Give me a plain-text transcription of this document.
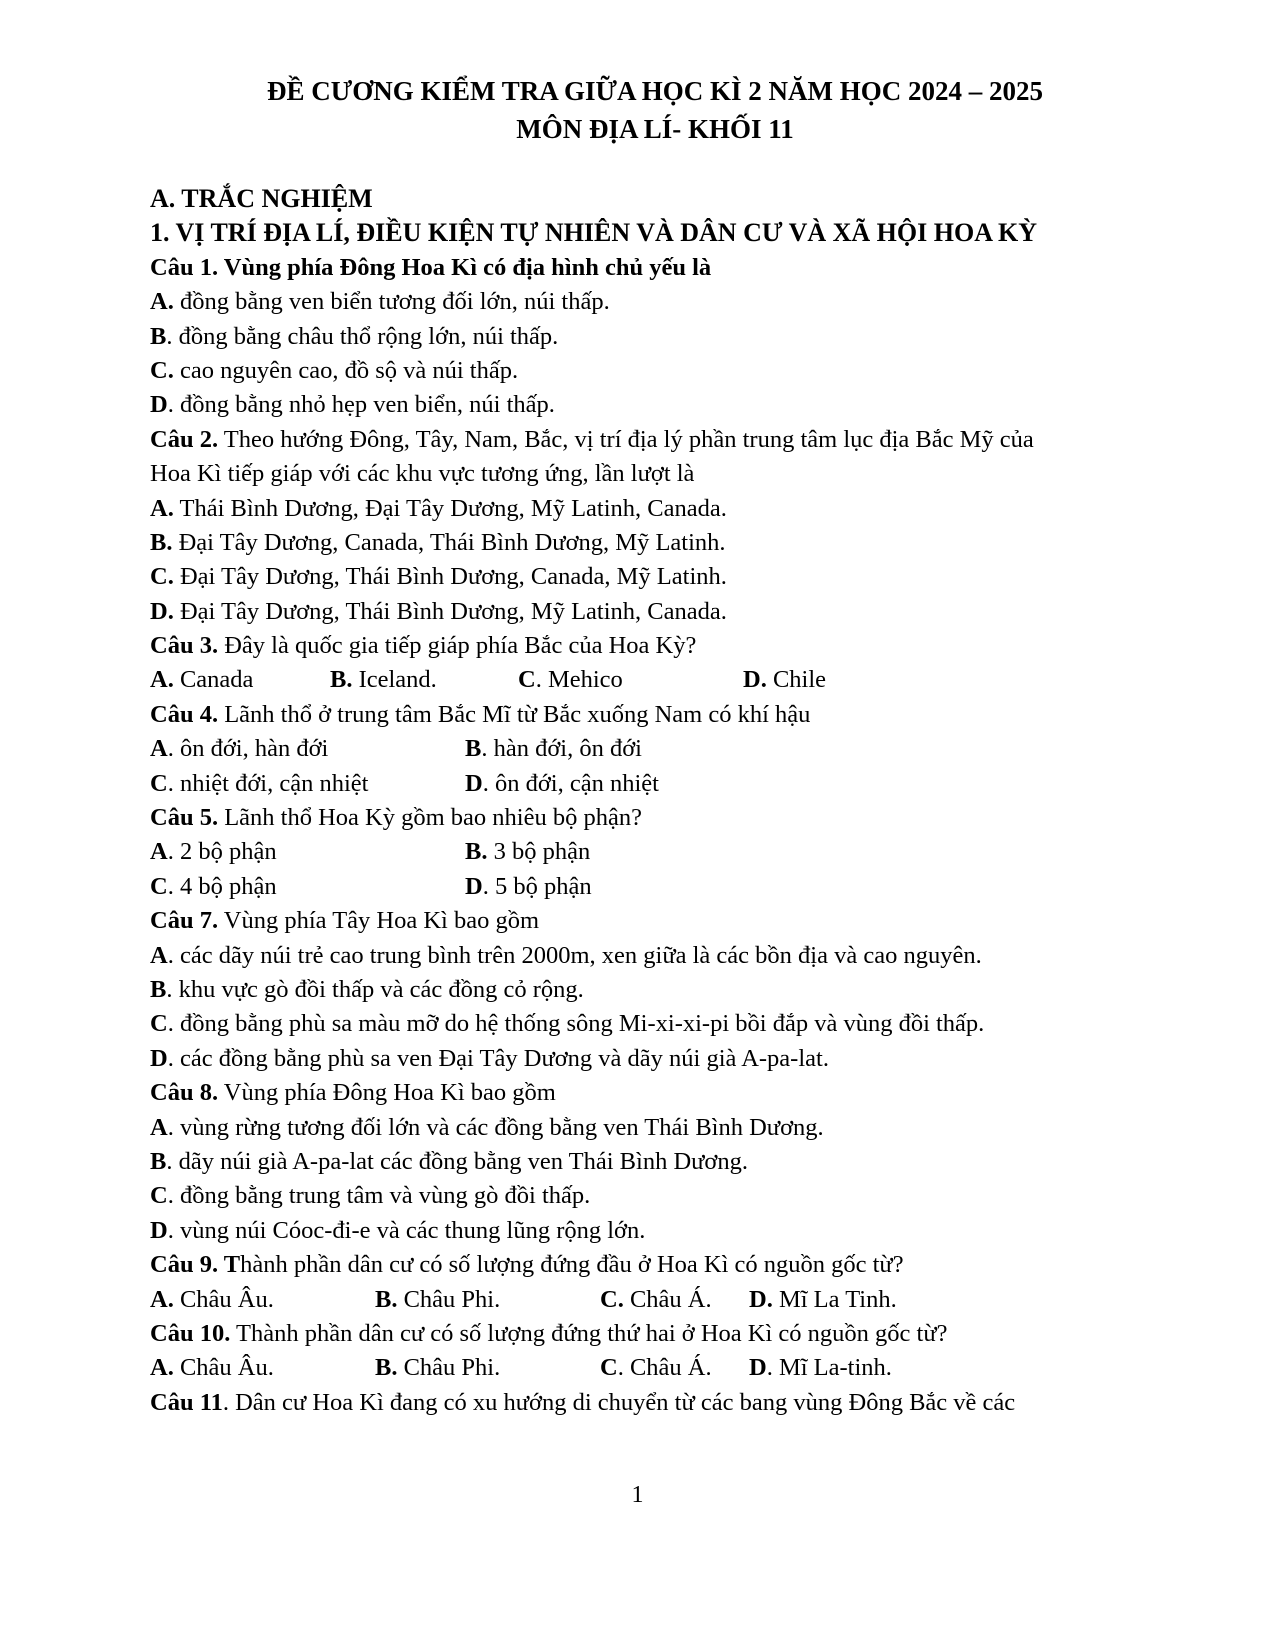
ĐỀ CƯƠNG KIỂM TRA GIỮA HỌC KÌ 2 NĂM HỌC 2024 – 2025
MÔN ĐỊA LÍ- KHỐI 11
A. TRẮC NGHIỆM
1. VỊ TRÍ ĐỊA LÍ, ĐIỀU KIỆN TỰ NHIÊN VÀ DÂN CƯ VÀ XÃ HỘI HOA KỲ
Câu 1. Vùng phía Đông Hoa Kì có địa hình chủ yếu là
A. đồng bằng ven biển tương đối lớn, núi thấp.
B. đồng bằng châu thổ rộng lớn, núi thấp.
C. cao nguyên cao, đồ sộ và núi thấp.
D. đồng bằng nhỏ hẹp ven biển, núi thấp.
Câu 2. Theo hướng Đông, Tây, Nam, Bắc, vị trí địa lý phần trung tâm lục địa Bắc Mỹ của
Hoa Kì tiếp giáp với các khu vực tương ứng, lần lượt là
A. Thái Bình Dương, Đại Tây Dương, Mỹ Latinh, Canada.
B. Đại Tây Dương, Canada, Thái Bình Dương, Mỹ Latinh.
C. Đại Tây Dương, Thái Bình Dương, Canada, Mỹ Latinh.
D. Đại Tây Dương, Thái Bình Dương, Mỹ Latinh, Canada.
Câu 3. Đây là quốc gia tiếp giáp phía Bắc của Hoa Kỳ?
A. Canada	B. Iceland.	C. Mehico	D. Chile
Câu 4. Lãnh thổ ở trung tâm Bắc Mĩ từ Bắc xuống Nam có khí hậu
A. ôn đới, hàn đới	B. hàn đới, ôn đới
C. nhiệt đới, cận nhiệt	D. ôn đới, cận nhiệt
Câu 5. Lãnh thổ Hoa Kỳ gồm bao nhiêu bộ phận?
A. 2 bộ phận	B. 3 bộ phận
C. 4 bộ phận	D. 5 bộ phận
Câu 7. Vùng phía Tây Hoa Kì bao gồm
A. các dãy núi trẻ cao trung bình trên 2000m, xen giữa là các bồn địa và cao nguyên.
B. khu vực gò đồi thấp và các đồng cỏ rộng.
C. đồng bằng phù sa màu mỡ do hệ thống sông Mi-xi-xi-pi bồi đắp và vùng đồi thấp.
D. các đồng bằng phù sa ven Đại Tây Dương và dãy núi già A-pa-lat.
Câu 8. Vùng phía Đông Hoa Kì bao gồm
A. vùng rừng tương đối lớn và các đồng bằng ven Thái Bình Dương.
B. dãy núi già A-pa-lat các đồng bằng ven Thái Bình Dương.
C. đồng bằng trung tâm và vùng gò đồi thấp.
D. vùng núi Cóoc-đi-e và các thung lũng rộng lớn.
Câu 9. Thành phần dân cư có số lượng đứng đầu ở Hoa Kì có nguồn gốc từ?
A. Châu Âu.	B. Châu Phi.	C. Châu Á.	D. Mĩ La Tinh.
Câu 10. Thành phần dân cư có số lượng đứng thứ hai ở Hoa Kì có nguồn gốc từ?
A. Châu Âu.	B. Châu Phi.	C. Châu Á.	D. Mĩ La-tinh.
Câu 11. Dân cư Hoa Kì đang có xu hướng di chuyển từ các bang vùng Đông Bắc về các
1
